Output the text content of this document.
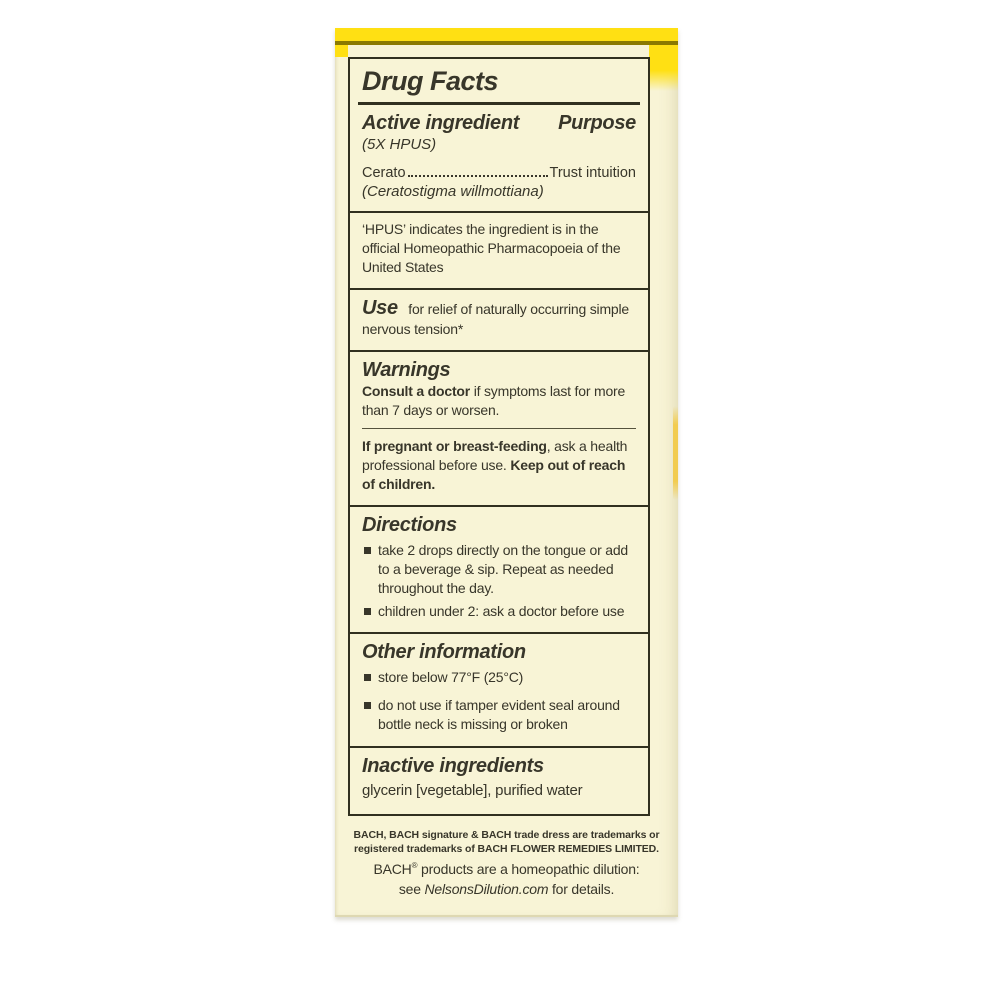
Drug Facts
Active ingredient Purpose
(5X HPUS)
Cerato	Trust intuition
(Ceratostigma willmottiana)
‘HPUS’ indicates the ingredient is in the official Homeopathic Pharmacopoeia of the United States
Use for relief of naturally occurring simple nervous tension*
Warnings
Consult a doctor if symptoms last for more than 7 days or worsen.
If pregnant or breast-feeding, ask a health professional before use. Keep out of reach of children.
Directions
take 2 drops directly on the tongue or add to a beverage & sip. Repeat as needed throughout the day.
children under 2: ask a doctor before use
Other information
store below 77°F (25°C)
do not use if tamper evident seal around bottle neck is missing or broken
Inactive ingredients
glycerin [vegetable], purified water
BACH, BACH signature & BACH trade dress are trademarks or registered trademarks of BACH FLOWER REMEDIES LIMITED.
BACH® products are a homeopathic dilution:
see NelsonsDilution.com for details.
